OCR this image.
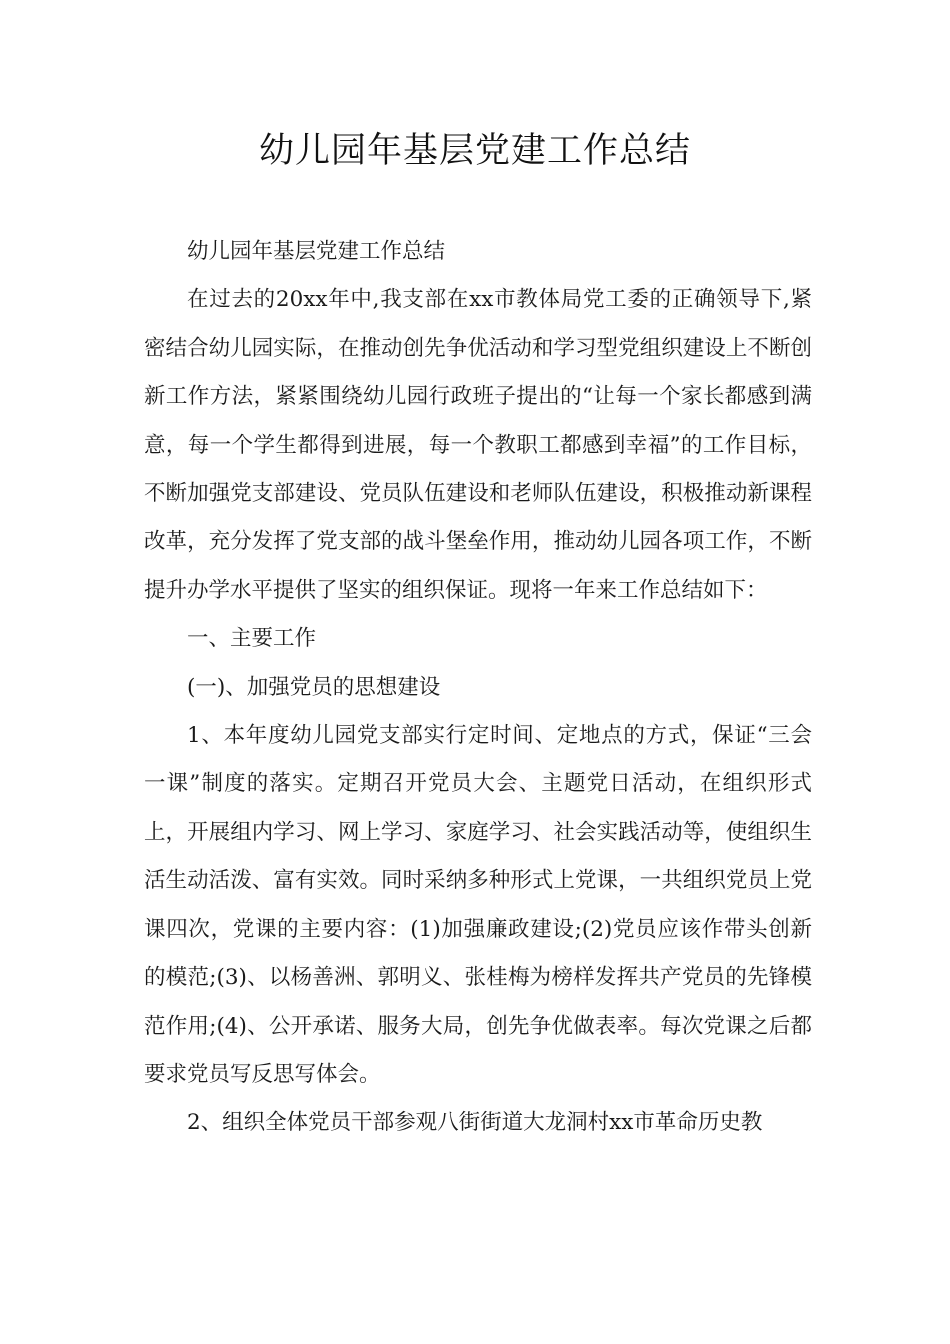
幼儿园年基层党建工作总结

幼儿园年基层党建工作总结

在过去的20xx年中,我支部在xx市教体局党工委的正确领导下,紧密结合幼儿园实际，在推动创先争优活动和学习型党组织建设上不断创新工作方法，紧紧围绕幼儿园行政班子提出的“让每一个家长都感到满意，每一个学生都得到进展，每一个教职工都感到幸福”的工作目标，不断加强党支部建设、党员队伍建设和老师队伍建设，积极推动新课程改革，充分发挥了党支部的战斗堡垒作用，推动幼儿园各项工作，不断提升办学水平提供了坚实的组织保证。现将一年来工作总结如下：

一、主要工作

(一)、加强党员的思想建设

1、本年度幼儿园党支部实行定时间、定地点的方式，保证“三会一课”制度的落实。定期召开党员大会、主题党日活动，在组织形式上，开展组内学习、网上学习、家庭学习、社会实践活动等，使组织生活生动活泼、富有实效。同时采纳多种形式上党课，一共组织党员上党课四次，党课的主要内容：(1)加强廉政建设;(2)党员应该作带头创新的模范;(3)、以杨善洲、郭明义、张桂梅为榜样发挥共产党员的先锋模范作用;(4)、公开承诺、服务大局，创先争优做表率。每次党课之后都要求党员写反思写体会。

2、组织全体党员干部参观八街街道大龙洞村xx市革命历史教
